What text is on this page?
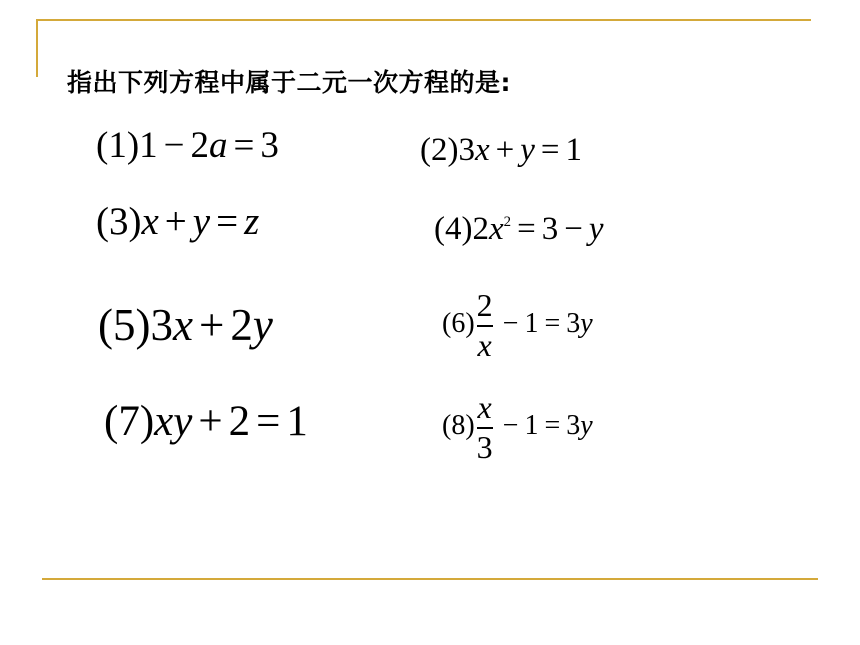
指出下列方程中属于二元一次方程的是:
(1)1 − 2a = 3	(2)3x + y = 1
(3)x + y = z	$(4)2x^2 = 3 - y$
(5)3x + 2y	$(6) \frac{2}{x} - 1 = 3y$
(7)xy + 2 = 1	$(8) \frac{x}{3} - 1 = 3y$
